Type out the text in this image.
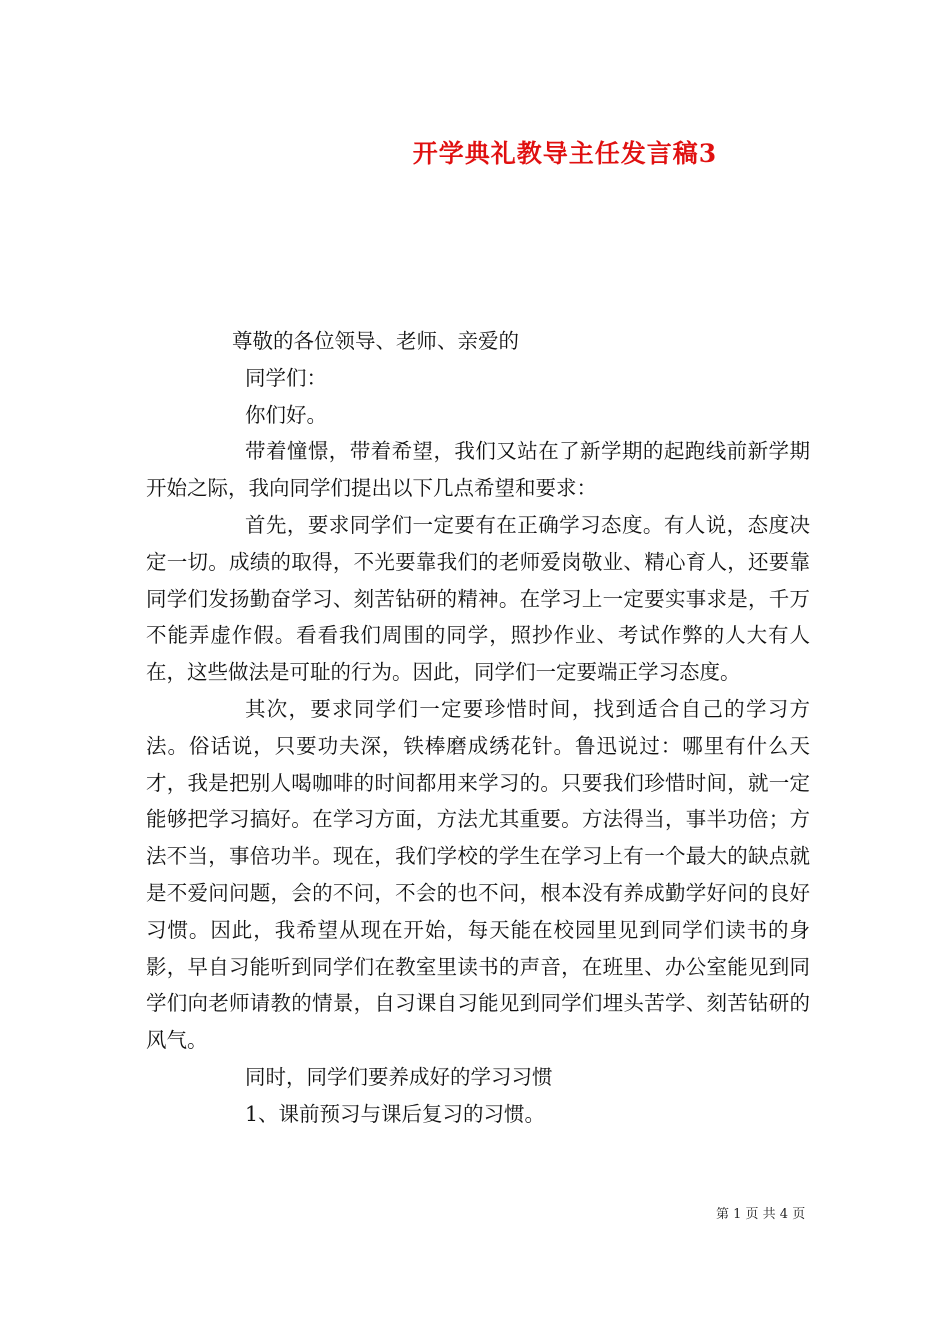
开学典礼教导主任发言稿3

尊敬的各位领导、老师、亲爱的

同学们：

你们好。

带着憧憬，带着希望，我们又站在了新学期的起跑线前新学期开始之际，我向同学们提出以下几点希望和要求：

首先，要求同学们一定要有在正确学习态度。有人说，态度决定一切。成绩的取得，不光要靠我们的老师爱岗敬业、精心育人，还要靠同学们发扬勤奋学习、刻苦钻研的精神。在学习上一定要实事求是，千万不能弄虚作假。看看我们周围的同学，照抄作业、考试作弊的人大有人在，这些做法是可耻的行为。因此，同学们一定要端正学习态度。

其次，要求同学们一定要珍惜时间，找到适合自己的学习方法。俗话说，只要功夫深，铁棒磨成绣花针。鲁迅说过：哪里有什么天才，我是把别人喝咖啡的时间都用来学习的。只要我们珍惜时间，就一定能够把学习搞好。在学习方面，方法尤其重要。方法得当，事半功倍；方法不当，事倍功半。现在，我们学校的学生在学习上有一个最大的缺点就是不爱问问题，会的不问，不会的也不问，根本没有养成勤学好问的良好习惯。因此，我希望从现在开始，每天能在校园里见到同学们读书的身影，早自习能听到同学们在教室里读书的声音，在班里、办公室能见到同学们向老师请教的情景，自习课自习能见到同学们埋头苦学、刻苦钻研的风气。

同时，同学们要养成好的学习习惯

1、课前预习与课后复习的习惯。

第 1 页 共 4 页
